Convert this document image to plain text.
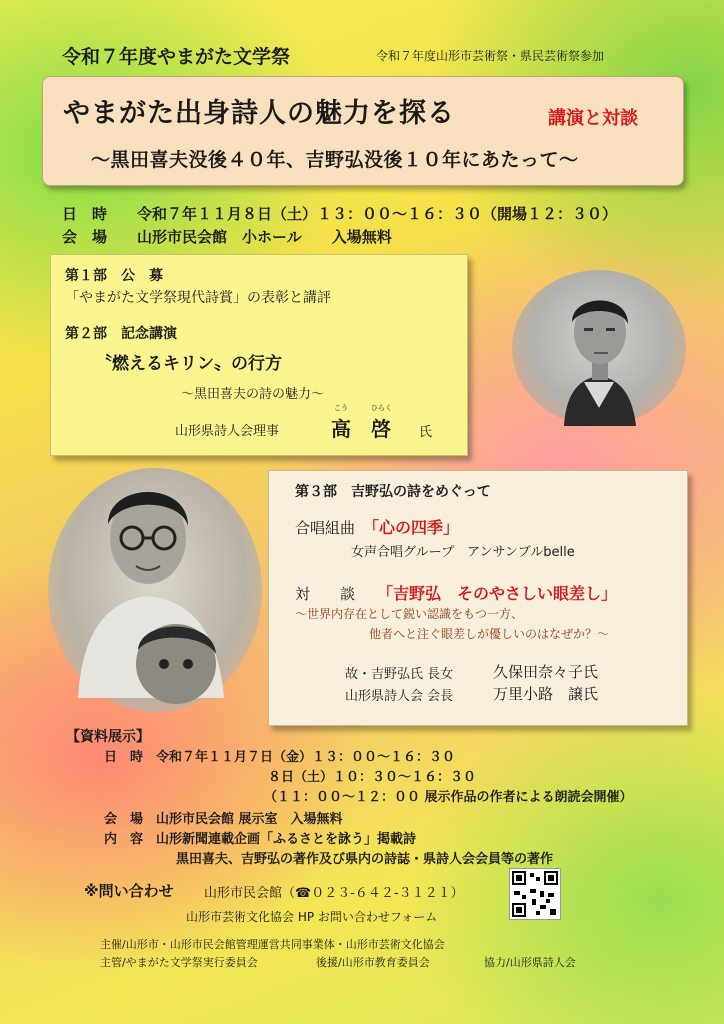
令和７年度やまがた文学祭	令和７年度山形市芸術祭・県民芸術祭参加
やまがた出身詩人の魅力を探る	講演と対談
～黒田喜夫没後４０年、吉野弘没後１０年にあたって～
日　時　　令和７年１１月８日（土）１３：００～１６：３０（開場１２：３０）
会　場　　山形市民会館　小ホール　　入場無料
第１部　公　募
「やまがた文学祭現代詩賞」の表彰と講評
第２部　記念講演
〝燃えるキリン〟の行方
～黒田喜夫の詩の魅力～
山形県詩人会理事
こう	ひらく
高　啓 氏
第３部　吉野弘の詩をめぐって
合唱組曲 「心の四季」
女声合唱グループ　アンサンブルbelle
対　　談 「吉野弘　そのやさしい眼差し」
～世界内存在として鋭い認識をもつ一方、
他者へと注ぐ眼差しが優しいのはなぜか？～
故・吉野弘氏 長女	久保田奈々子氏
山形県詩人会 会長	万里小路　譲氏
【資料展示】
日　時　令和７年１１月７日（金）１３：００～１６：３０
８日（土）１０：３０～１６：３０
（１１：００～１２：００ 展示作品の作者による朗読会開催）
会　場　山形市民会館 展示室　入場無料
内　容　山形新聞連載企画「ふるさとを詠う」掲載詩
黒田喜夫、吉野弘の著作及び県内の詩誌・県詩人会会員等の著作
※問い合わせ 山形市民会館（☎０２３-６４２-３１２１）
山形市芸術文化協会 HP お問い合わせフォーム
主催/山形市・山形市民会館管理運営共同事業体・山形市芸術文化協会
主管/やまがた文学祭実行委員会	後援/山形市教育委員会	協力/山形県詩人会
